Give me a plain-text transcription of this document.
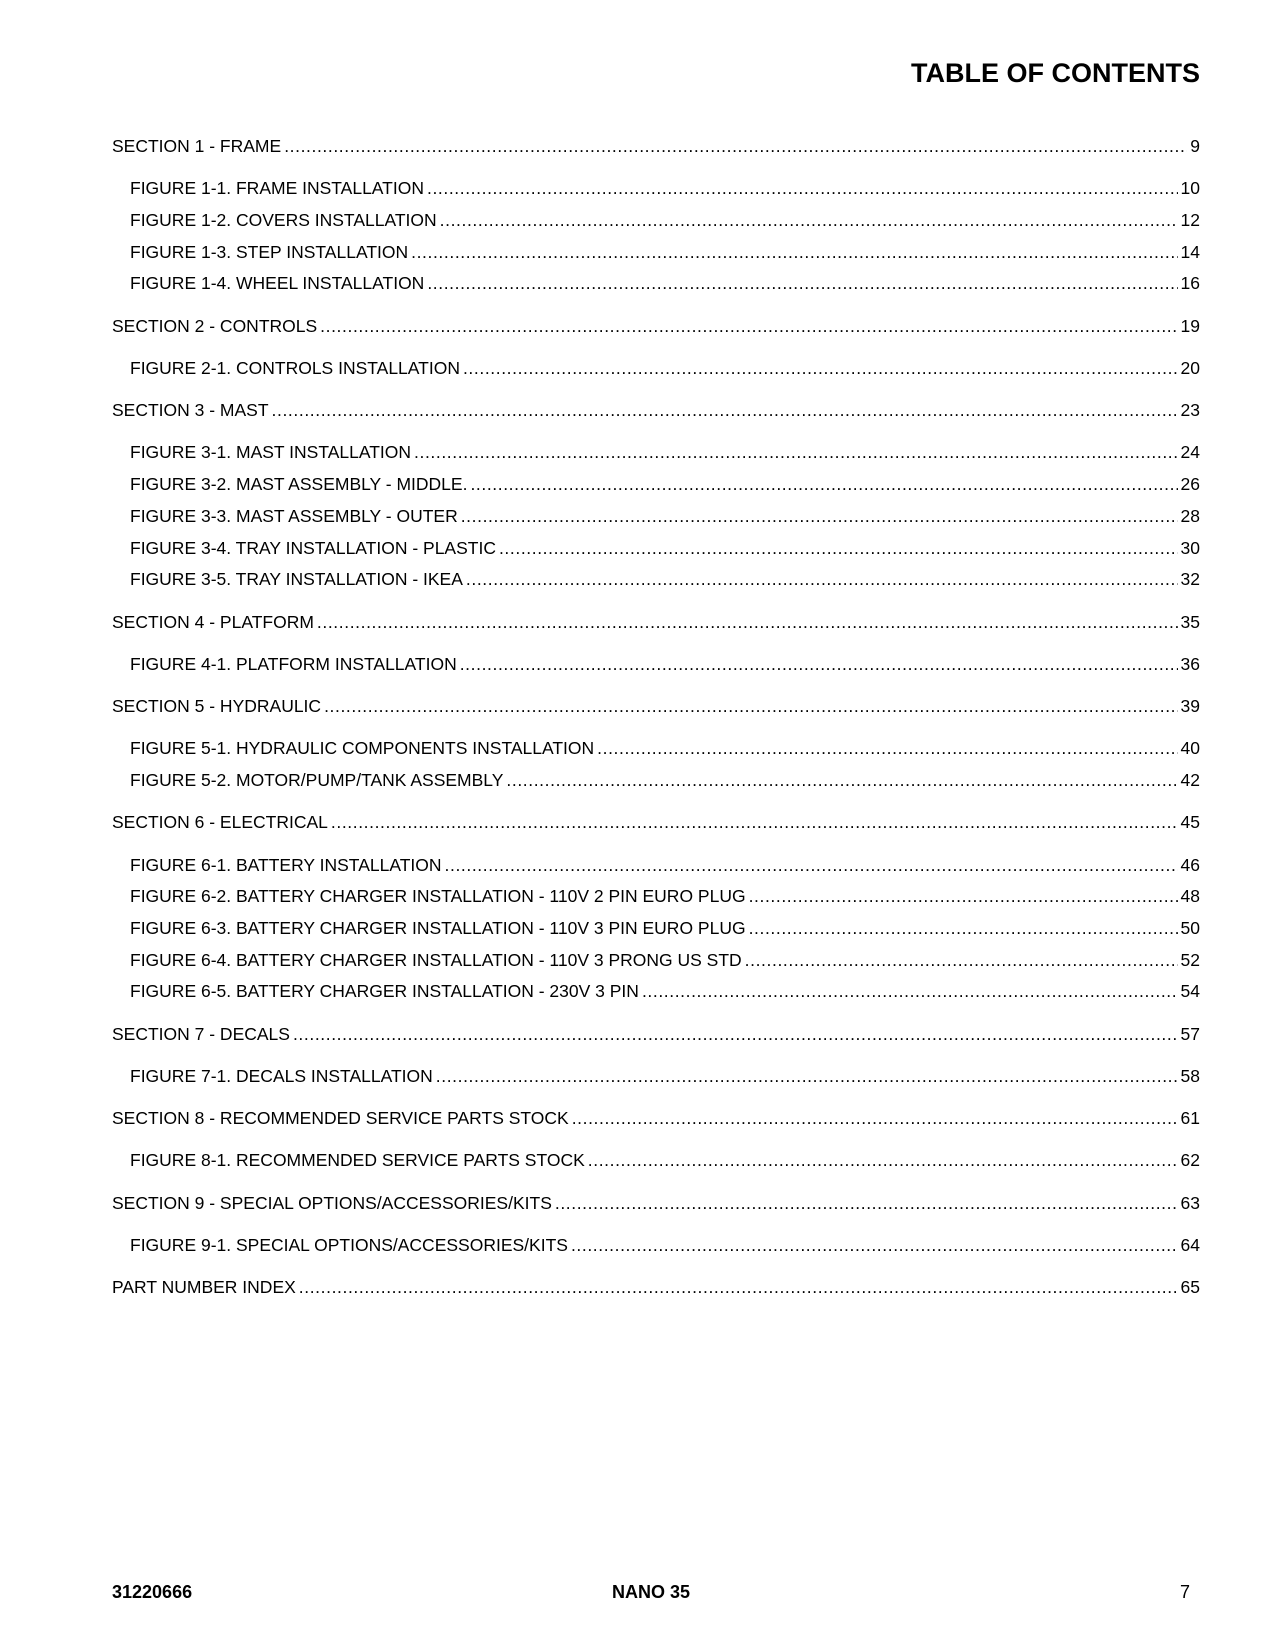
TABLE OF CONTENTS
SECTION 1 - FRAME .....	9
FIGURE 1-1. FRAME INSTALLATION .....	10
FIGURE 1-2. COVERS INSTALLATION .....	12
FIGURE 1-3. STEP INSTALLATION .....	14
FIGURE 1-4. WHEEL INSTALLATION .....	16
SECTION 2 - CONTROLS .....	19
FIGURE 2-1. CONTROLS INSTALLATION .....	20
SECTION 3 - MAST .....	23
FIGURE 3-1. MAST INSTALLATION .....	24
FIGURE 3-2. MAST ASSEMBLY - MIDDLE. .....	26
FIGURE 3-3. MAST ASSEMBLY - OUTER .....	28
FIGURE 3-4. TRAY INSTALLATION - PLASTIC .....	30
FIGURE 3-5. TRAY INSTALLATION - IKEA .....	32
SECTION 4 - PLATFORM .....	35
FIGURE 4-1. PLATFORM INSTALLATION .....	36
SECTION 5 - HYDRAULIC .....	39
FIGURE 5-1. HYDRAULIC COMPONENTS INSTALLATION .....	40
FIGURE 5-2. MOTOR/PUMP/TANK ASSEMBLY .....	42
SECTION 6 - ELECTRICAL .....	45
FIGURE 6-1. BATTERY INSTALLATION .....	46
FIGURE 6-2. BATTERY CHARGER INSTALLATION - 110V 2 PIN EURO PLUG .....	48
FIGURE 6-3. BATTERY CHARGER INSTALLATION - 110V 3 PIN EURO PLUG .....	50
FIGURE 6-4. BATTERY CHARGER INSTALLATION - 110V 3 PRONG US STD .....	52
FIGURE 6-5. BATTERY CHARGER INSTALLATION - 230V 3 PIN .....	54
SECTION 7 - DECALS .....	57
FIGURE 7-1. DECALS INSTALLATION .....	58
SECTION 8 - RECOMMENDED SERVICE PARTS STOCK .....	61
FIGURE 8-1. RECOMMENDED SERVICE PARTS STOCK .....	62
SECTION 9 - SPECIAL OPTIONS/ACCESSORIES/KITS .....	63
FIGURE 9-1. SPECIAL OPTIONS/ACCESSORIES/KITS .....	64
PART NUMBER INDEX .....	65
31220666	NANO 35	7
